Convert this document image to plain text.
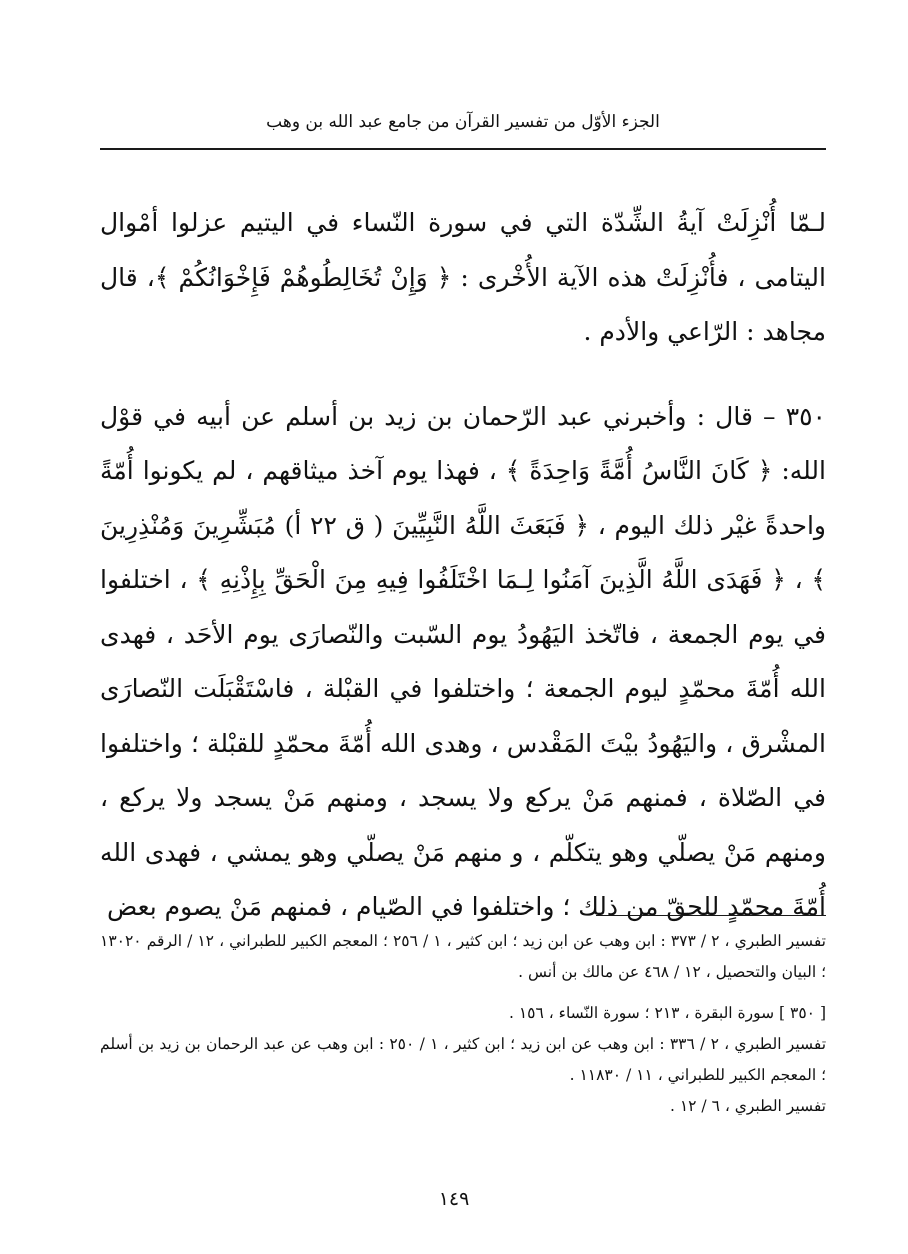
الجزء الأوّل من تفسير القرآن من جامع عبد الله بن وهب

لـمّا أُنْزِلَتْ آيةُ الشِّدّة التي في سورة النّساء في اليتيم عزلوا أمْوال اليتامى ، فأُنْزِلَتْ هذه الآية الأُخْرى : ﴿ وَإِنْ تُخَالِطُوهُمْ فَإِخْوَانُكُمْ ﴾، قال مجاهد : الرّاعي والأدم .

٣٥٠ – قال : وأخبرني عبد الرّحمان بن زيد بن أسلم عن أبيه في قوْل الله: ﴿ كَانَ النَّاسُ أُمَّةً وَاحِدَةً ﴾ ، فهذا يوم آخذ ميثاقهم ، لم يكونوا أُمّةً واحدةً غيْر ذلك اليوم ، ﴿ فَبَعَثَ اللَّهُ النَّبِيِّينَ ( ق ٢٢ أ) مُبَشِّرِينَ وَمُنْذِرِينَ ﴾ ، ﴿ فَهَدَى اللَّهُ الَّذِينَ آمَنُوا لِـمَا اخْتَلَفُوا فِيهِ مِنَ الْحَقِّ بِإِذْنِهِ ﴾ ، اختلفوا في يوم الجمعة ، فاتّخذ اليَهُودُ يوم السّبت والنّصارَى يوم الأحَد ، فهدى الله أُمّةَ محمّدٍ ليوم الجمعة ؛ واختلفوا في القبْلة ، فاسْتَقْبَلَت النّصارَى المشْرق ، واليَهُودُ بيْتَ المَقْدس ، وهدى الله أُمّةَ محمّدٍ للقبْلة ؛ واختلفوا في الصّلاة ، فمنهم مَنْ يركع ولا يسجد ، ومنهم مَنْ يسجد ولا يركع ، ومنهم مَنْ يصلّي وهو يتكلّم ، و منهم مَنْ يصلّي وهو يمشي ، فهدى الله أُمّةَ محمّدٍ للحقّ من ذلك ؛ واختلفوا في الصّيام ، فمنهم مَنْ يصوم بعض

تفسير الطبري ، ٢ / ٣٧٣ : ابن وهب عن ابن زيد ؛ ابن كثير ، ١ / ٢٥٦ ؛ المعجم الكبير للطبراني ، ١٢ / الرقم ١٣٠٢٠ ؛ البيان والتحصيل ، ١٢ / ٤٦٨ عن مالك بن أنس .

[ ٣٥٠ ] سورة البقرة ، ٢١٣ ؛ سورة النّساء ، ١٥٦ .

تفسير الطبري ، ٢ / ٣٣٦ : ابن وهب عن ابن زيد ؛ ابن كثير ، ١ / ٢٥٠ : ابن وهب عن عبد الرحمان بن زيد بن أسلم ؛ المعجم الكبير للطبراني ، ١١ / ١١٨٣٠ .

تفسير الطبري ، ٦ / ١٢ .

١٤٩
